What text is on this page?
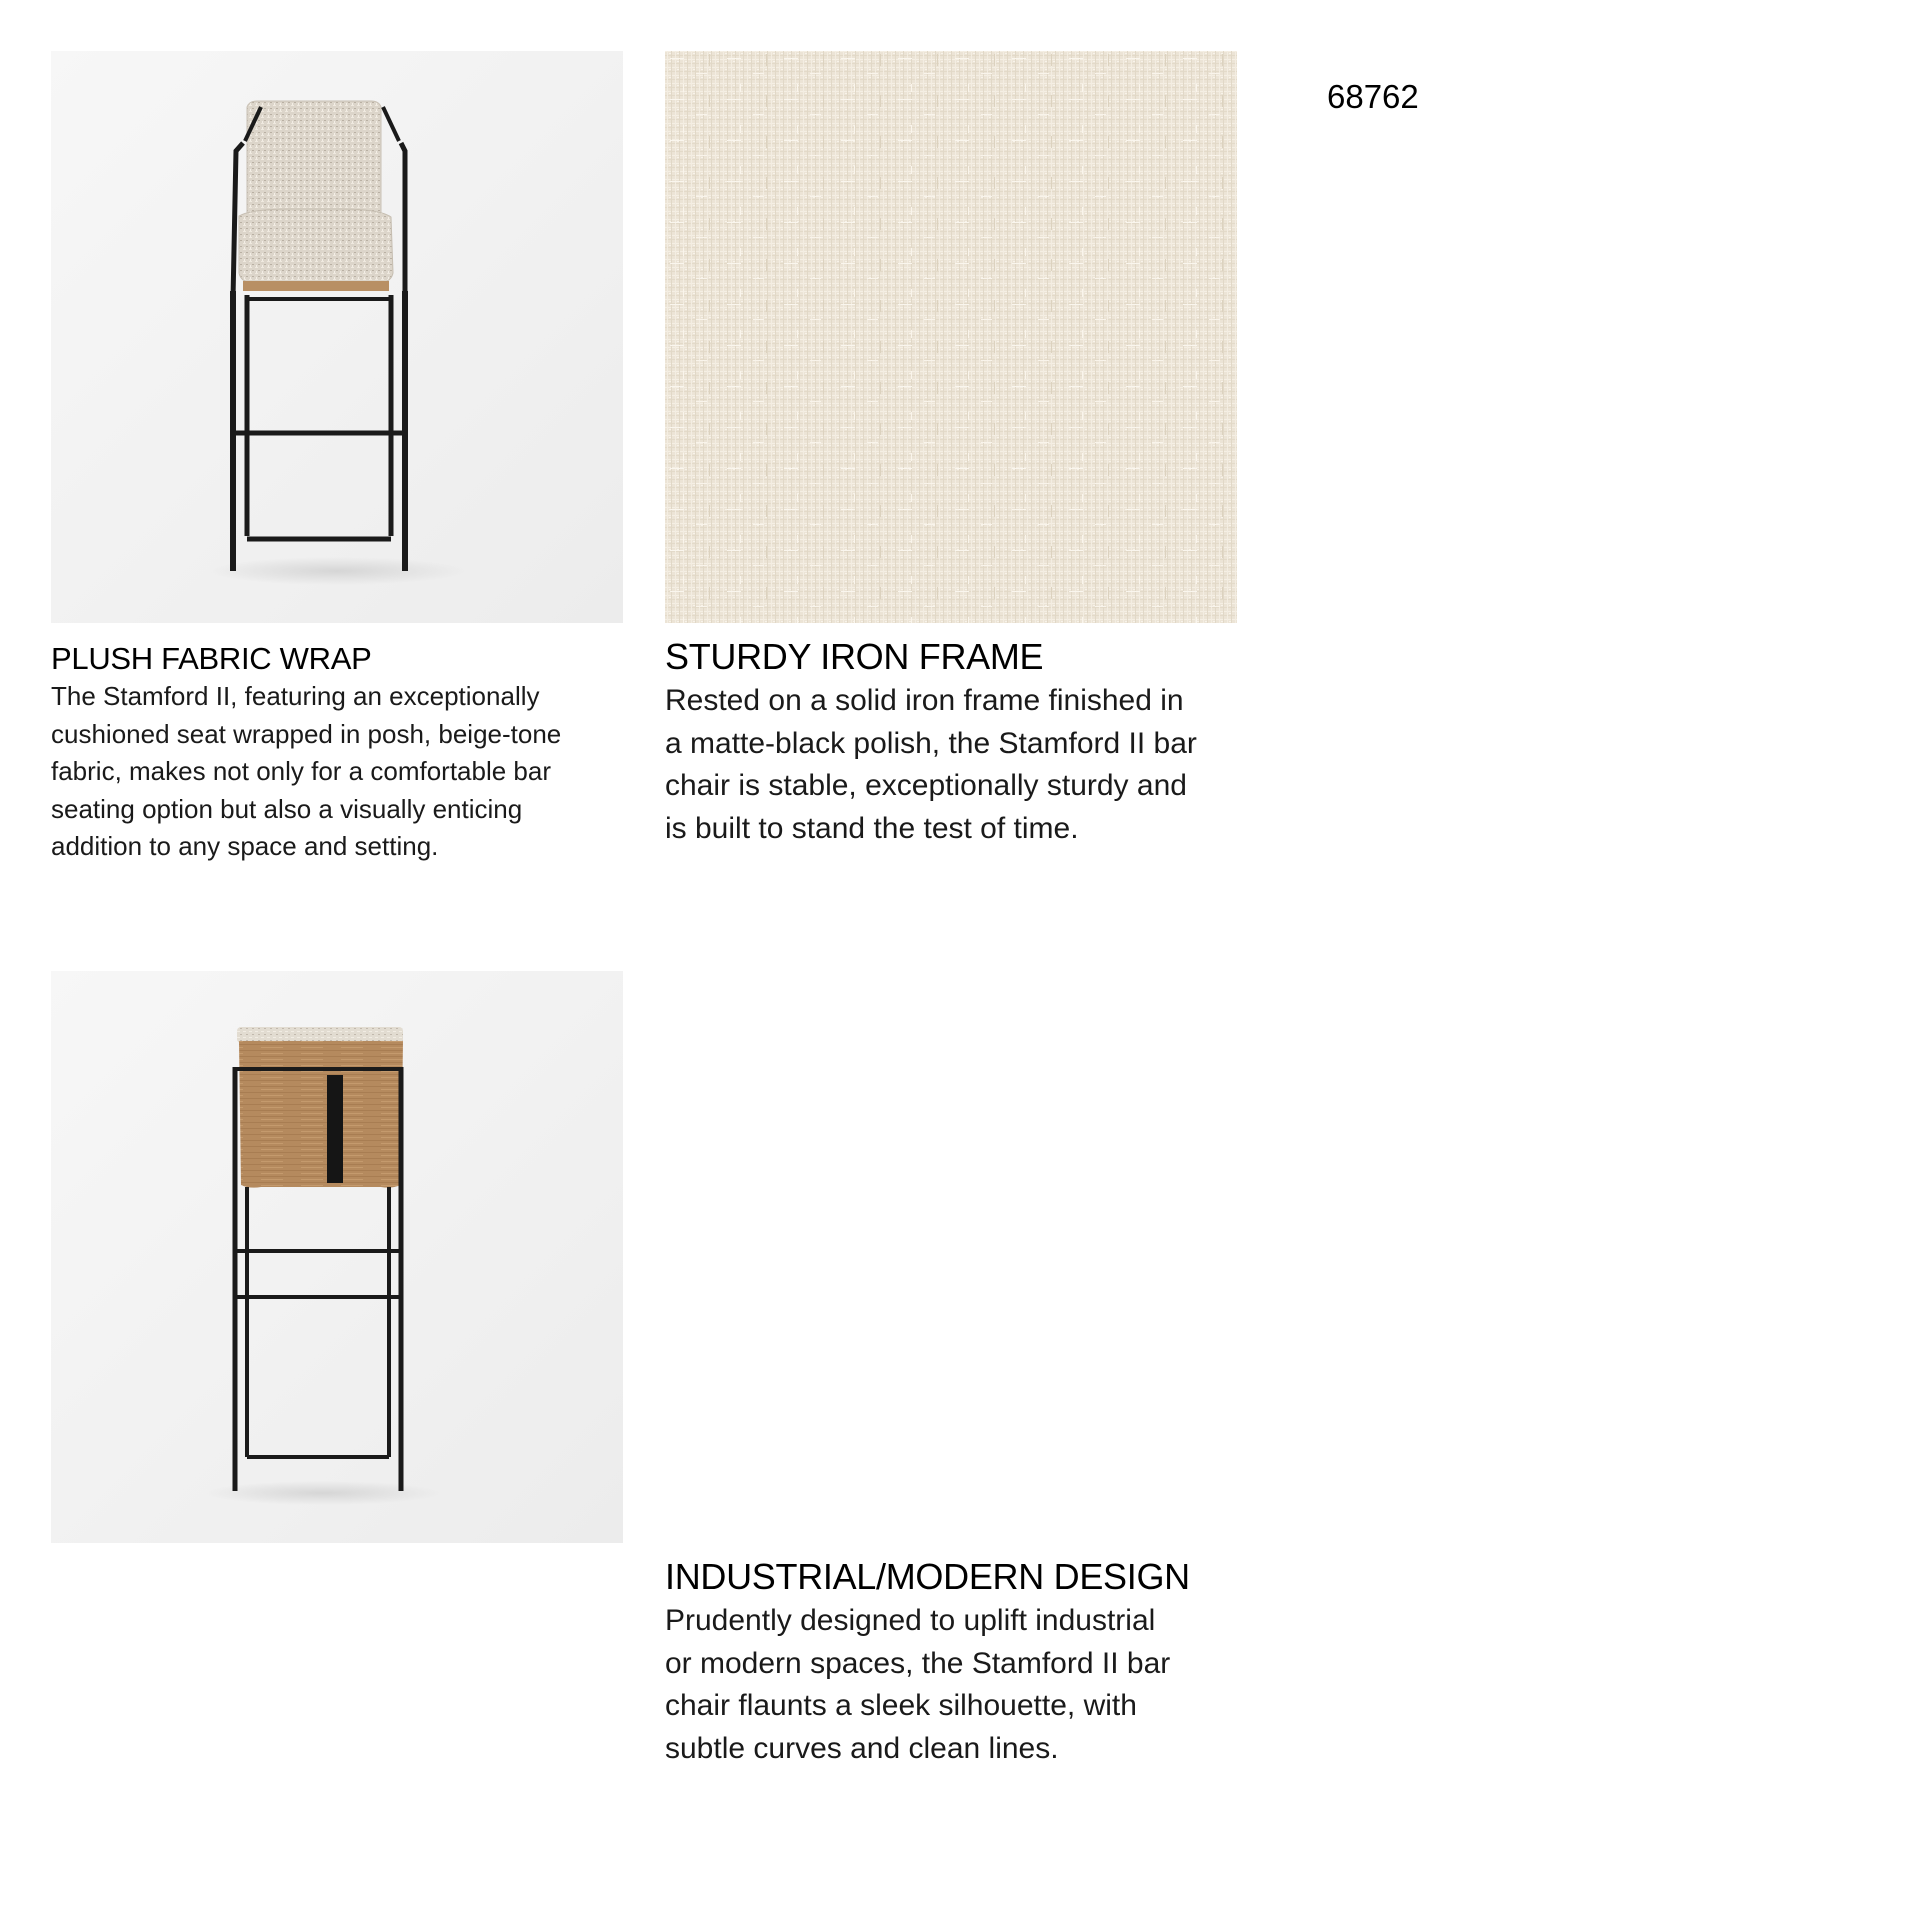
68762
PLUSH FABRIC WRAP

The Stamford II, featuring an exceptionally
cushioned seat wrapped in posh, beige-tone
fabric, makes not only for a comfortable bar
seating option but also a visually enticing
addition to any space and setting.

STURDY IRON FRAME

Rested on a solid iron frame finished in
a matte-black polish, the Stamford II bar
chair is stable, exceptionally sturdy and
is built to stand the test of time.

INDUSTRIAL/MODERN DESIGN

Prudently designed to uplift industrial
or modern spaces, the Stamford II bar
chair flaunts a sleek silhouette, with
subtle curves and clean lines.
